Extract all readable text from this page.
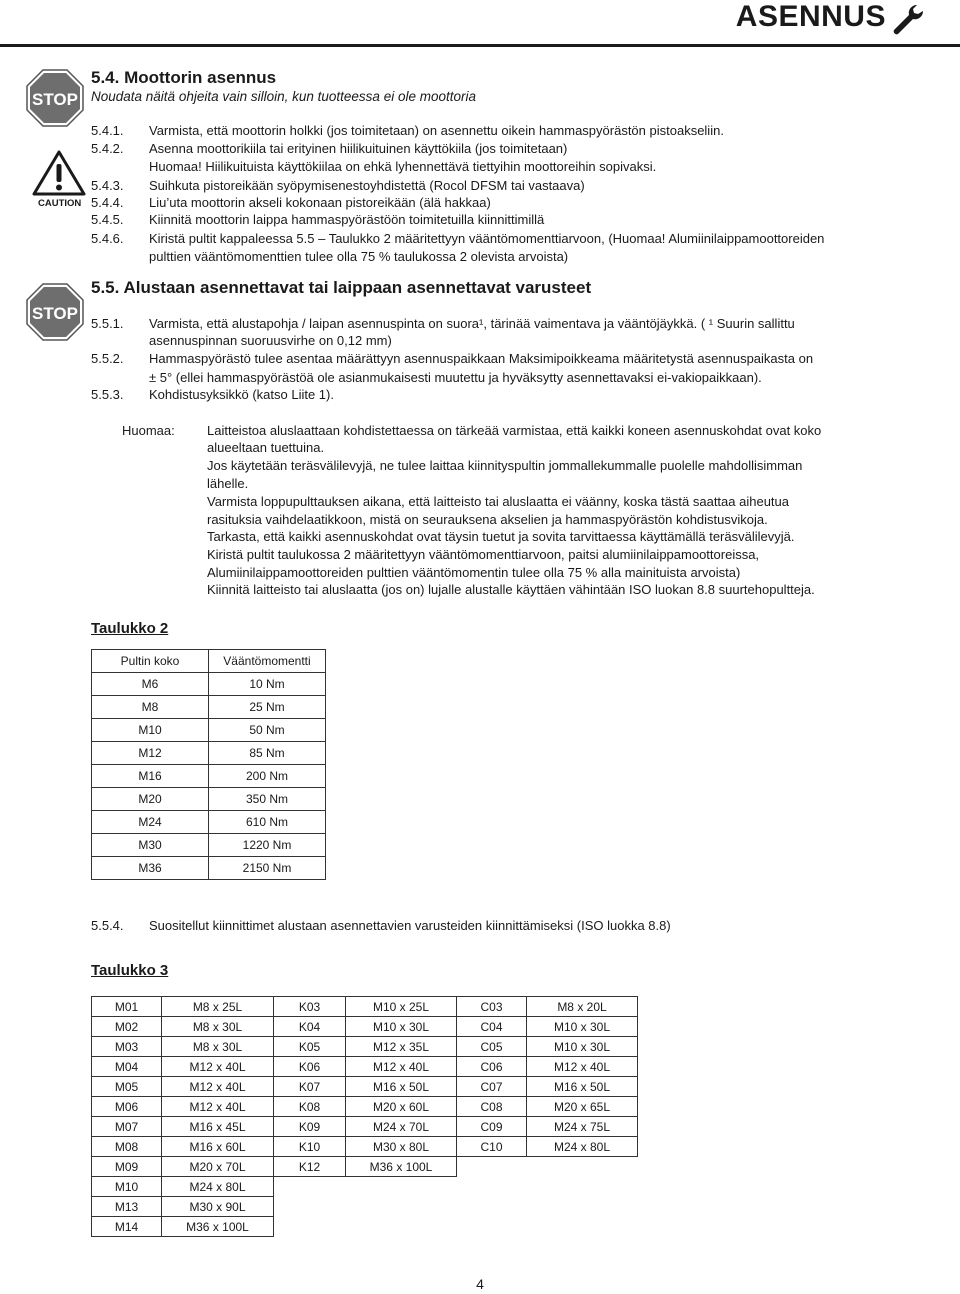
ASENNUS
STOP
CAUTION
STOP
5.4. Moottorin asennus
Noudata näitä ohjeita vain silloin, kun tuotteessa ei ole moottoria
5.4.1. Varmista, että moottorin holkki (jos toimitetaan) on asennettu oikein hammaspyörästön pistoakseliin.
5.4.2. Asenna moottorikiila tai erityinen hiilikuituinen käyttökiila (jos toimitetaan)
Huomaa! Hiilikuituista käyttökiilaa on ehkä lyhennettävä tiettyihin moottoreihin sopivaksi.
5.4.3. Suihkuta pistoreikään syöpymisenestoyhdistettä (Rocol DFSM tai vastaava)
5.4.4. Liu’uta moottorin akseli kokonaan pistoreikään (älä hakkaa)
5.4.5. Kiinnitä moottorin laippa hammaspyörästöön toimitetuilla kiinnittimillä
5.4.6. Kiristä pultit kappaleessa 5.5 – Taulukko 2 määritettyyn vääntömomenttiarvoon, (Huomaa! Alumiinilaippamoottoreiden
pulttien vääntömomenttien tulee olla 75 % taulukossa 2 olevista arvoista)
5.5. Alustaan asennettavat tai laippaan asennettavat varusteet
5.5.1. Varmista, että alustapohja / laipan asennuspinta on suora¹, tärinää vaimentava ja vääntöjäykkä. ( ¹ Suurin sallittu
asennuspinnan suoruusvirhe on 0,12 mm)
5.5.2. Hammaspyörästö tulee asentaa määrättyyn asennuspaikkaan Maksimipoikkeama määritetystä asennuspaikasta on
± 5° (ellei hammaspyörästöä ole asianmukaisesti muutettu ja hyväksytty asennettavaksi ei-vakiopaikkaan).
5.5.3. Kohdistusyksikkö (katso Liite 1).
Huomaa: Laitteistoa aluslaattaan kohdistettaessa on tärkeää varmistaa, että kaikki koneen asennuskohdat ovat koko
alueeltaan tuettuina.
Jos käytetään teräsvälilevyjä, ne tulee laittaa kiinnityspultin jommallekummalle puolelle mahdollisimman
lähelle.
Varmista loppupulttauksen aikana, että laitteisto tai aluslaatta ei väänny, koska tästä saattaa aiheutua
rasituksia vaihdelaatikkoon, mistä on seurauksena akselien ja hammaspyörästön kohdistusvikoja.
Tarkasta, että kaikki asennuskohdat ovat täysin tuetut ja sovita tarvittaessa käyttämällä teräsvälilevyjä.
Kiristä pultit taulukossa 2 määritettyyn vääntömomenttiarvoon, paitsi alumiinilaippamoottoreissa,
Alumiinilaippamoottoreiden pulttien vääntömomentin tulee olla 75 % alla mainituista arvoista)
Kiinnitä laitteisto tai aluslaatta (jos on) lujalle alustalle käyttäen vähintään ISO luokan 8.8 suurtehopultteja.
Taulukko 2
Pultin koko	Vääntömomentti
M6	10 Nm
M8	25 Nm
M10	50 Nm
M12	85 Nm
M16	200 Nm
M20	350 Nm
M24	610 Nm
M30	1220 Nm
M36	2150 Nm
5.5.4. Suositellut kiinnittimet alustaan asennettavien varusteiden kiinnittämiseksi (ISO luokka 8.8)
Taulukko 3
M01	M8 x 25L	K03	M10 x 25L	C03	M8 x 20L
M02	M8 x 30L	K04	M10 x 30L	C04	M10 x 30L
M03	M8 x 30L	K05	M12 x 35L	C05	M10 x 30L
M04	M12 x 40L	K06	M12 x 40L	C06	M12 x 40L
M05	M12 x 40L	K07	M16 x 50L	C07	M16 x 50L
M06	M12 x 40L	K08	M20 x 60L	C08	M20 x 65L
M07	M16 x 45L	K09	M24 x 70L	C09	M24 x 75L
M08	M16 x 60L	K10	M30 x 80L	C10	M24 x 80L
M09	M20 x 70L	K12	M36 x 100L		
M10	M24 x 80L				
M13	M30 x 90L				
M14	M36 x 100L				
4
